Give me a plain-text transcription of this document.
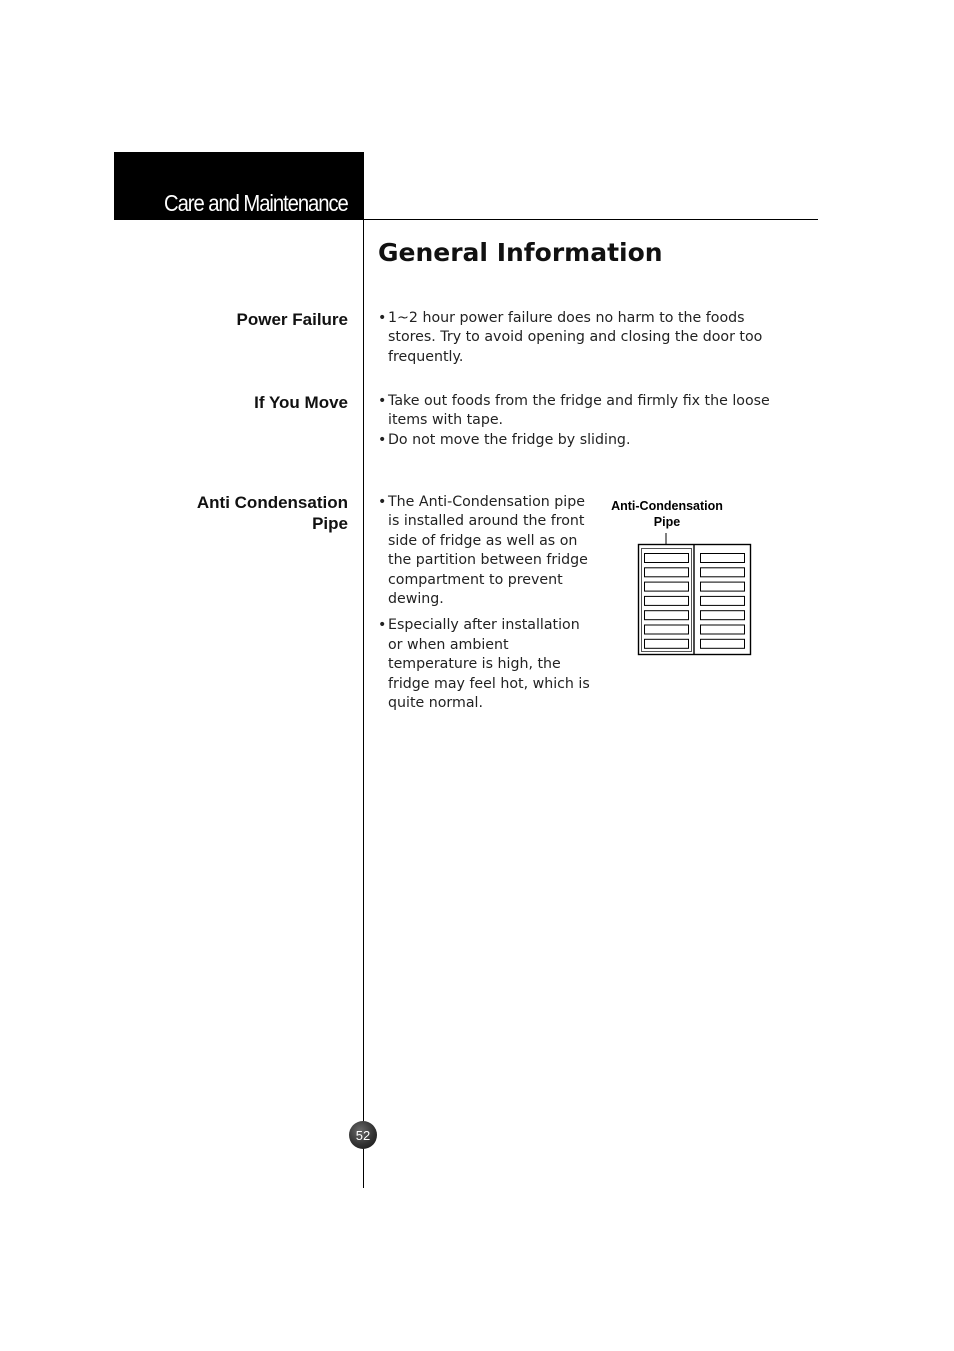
Care and Maintenance
General Information
Power Failure	• 1~2 hour power failure does no harm to the foods stores. Try to avoid opening and closing the door too frequently.
If You Move	• Take out foods from the fridge and firmly fix the loose items with tape.
• Do not move the fridge by sliding.
Anti Condensation
Pipe
• The Anti-Condensation pipe is installed around the front side of fridge as well as on the partition between fridge compartment to prevent dewing.
• Especially after installation or when ambient temperature is high, the fridge may feel hot, which is quite normal.
Anti-Condensation
Pipe
52
